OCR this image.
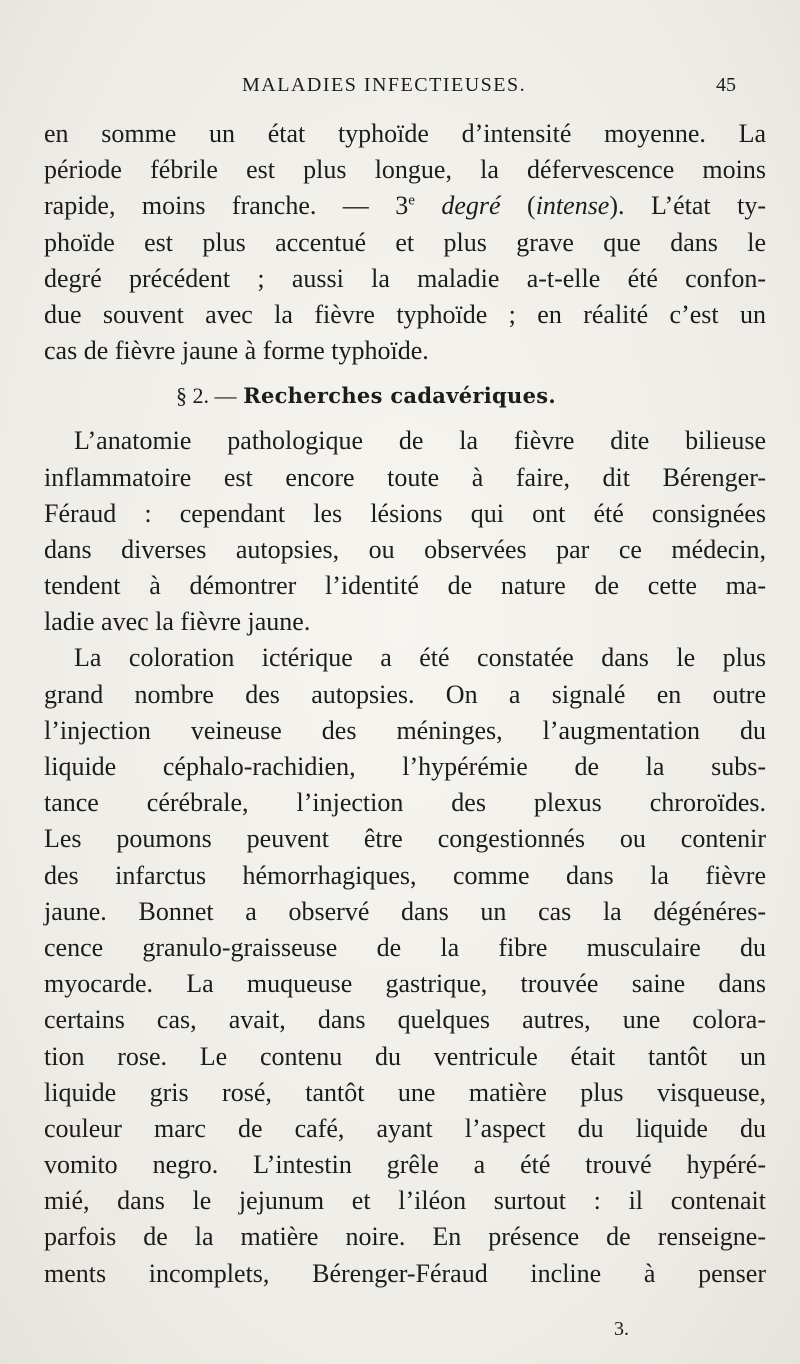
MALADIES INFECTIEUSES.	45
en somme un état typhoïde d’intensité moyenne. La
période fébrile est plus longue, la défervescence moins
rapide, moins franche. — 3e degré (intense). L’état ty-
phoïde est plus accentué et plus grave que dans le
degré précédent ; aussi la maladie a-t-elle été confon-
due souvent avec la fièvre typhoïde ; en réalité c’est un
cas de fièvre jaune à forme typhoïde.
§ 2. — Recherches cadavériques.
L’anatomie pathologique de la fièvre dite bilieuse
inflammatoire est encore toute à faire, dit Bérenger-
Féraud : cependant les lésions qui ont été consignées
dans diverses autopsies, ou observées par ce médecin,
tendent à démontrer l’identité de nature de cette ma-
ladie avec la fièvre jaune.
La coloration ictérique a été constatée dans le plus
grand nombre des autopsies. On a signalé en outre
l’injection veineuse des méninges, l’augmentation du
liquide céphalo-rachidien, l’hypérémie de la subs-
tance cérébrale, l’injection des plexus chroroïdes.
Les poumons peuvent être congestionnés ou contenir
des infarctus hémorrhagiques, comme dans la fièvre
jaune. Bonnet a observé dans un cas la dégénéres-
cence granulo-graisseuse de la fibre musculaire du
myocarde. La muqueuse gastrique, trouvée saine dans
certains cas, avait, dans quelques autres, une colora-
tion rose. Le contenu du ventricule était tantôt un
liquide gris rosé, tantôt une matière plus visqueuse,
couleur marc de café, ayant l’aspect du liquide du
vomito negro. L’intestin grêle a été trouvé hypéré-
mié, dans le jejunum et l’iléon surtout : il contenait
parfois de la matière noire. En présence de renseigne-
ments incomplets, Bérenger-Féraud incline à penser
3.
